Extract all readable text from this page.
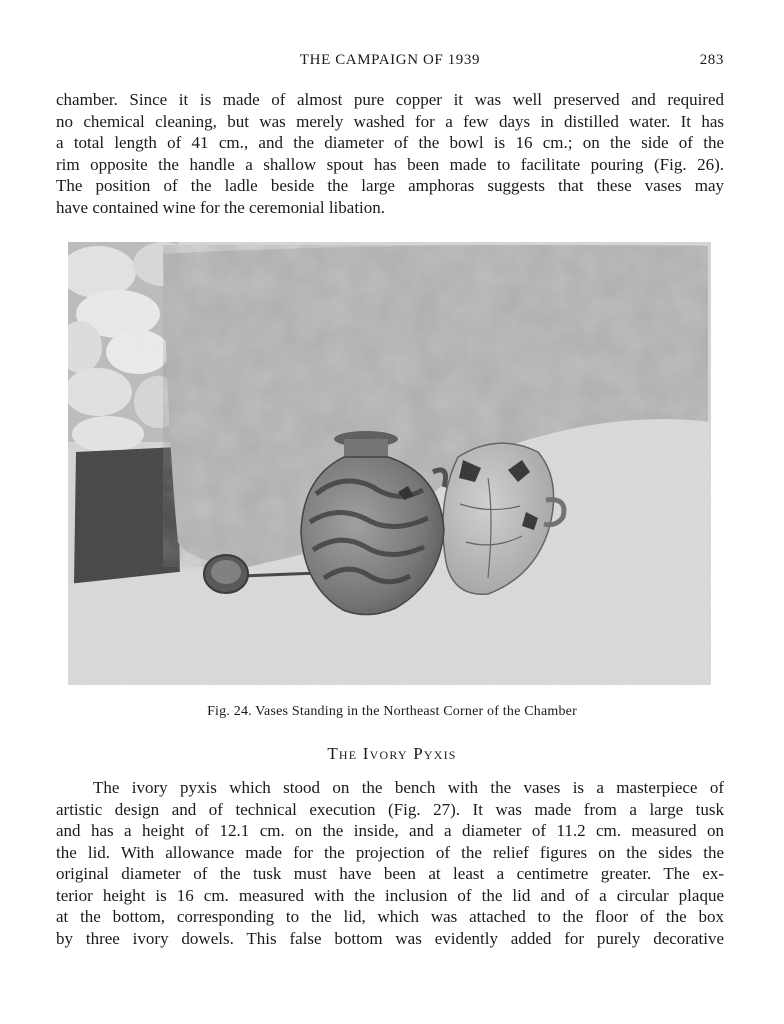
THE CAMPAIGN OF 1939	283
chamber. Since it is made of almost pure copper it was well preserved and required
no chemical cleaning, but was merely washed for a few days in distilled water. It has
a total length of 41 cm., and the diameter of the bowl is 16 cm.; on the side of the
rim opposite the handle a shallow spout has been made to facilitate pouring (Fig. 26).
The position of the ladle beside the large amphoras suggests that these vases may
have contained wine for the ceremonial libation.
Fig. 24. Vases Standing in the Northeast Corner of the Chamber
The Ivory Pyxis
The ivory pyxis which stood on the bench with the vases is a masterpiece of
artistic design and of technical execution (Fig. 27). It was made from a large tusk
and has a height of 12.1 cm. on the inside, and a diameter of 11.2 cm. measured on
the lid. With allowance made for the projection of the relief figures on the sides the
original diameter of the tusk must have been at least a centimetre greater. The ex-
terior height is 16 cm. measured with the inclusion of the lid and of a circular plaque
at the bottom, corresponding to the lid, which was attached to the floor of the box
by three ivory dowels. This false bottom was evidently added for purely decorative
